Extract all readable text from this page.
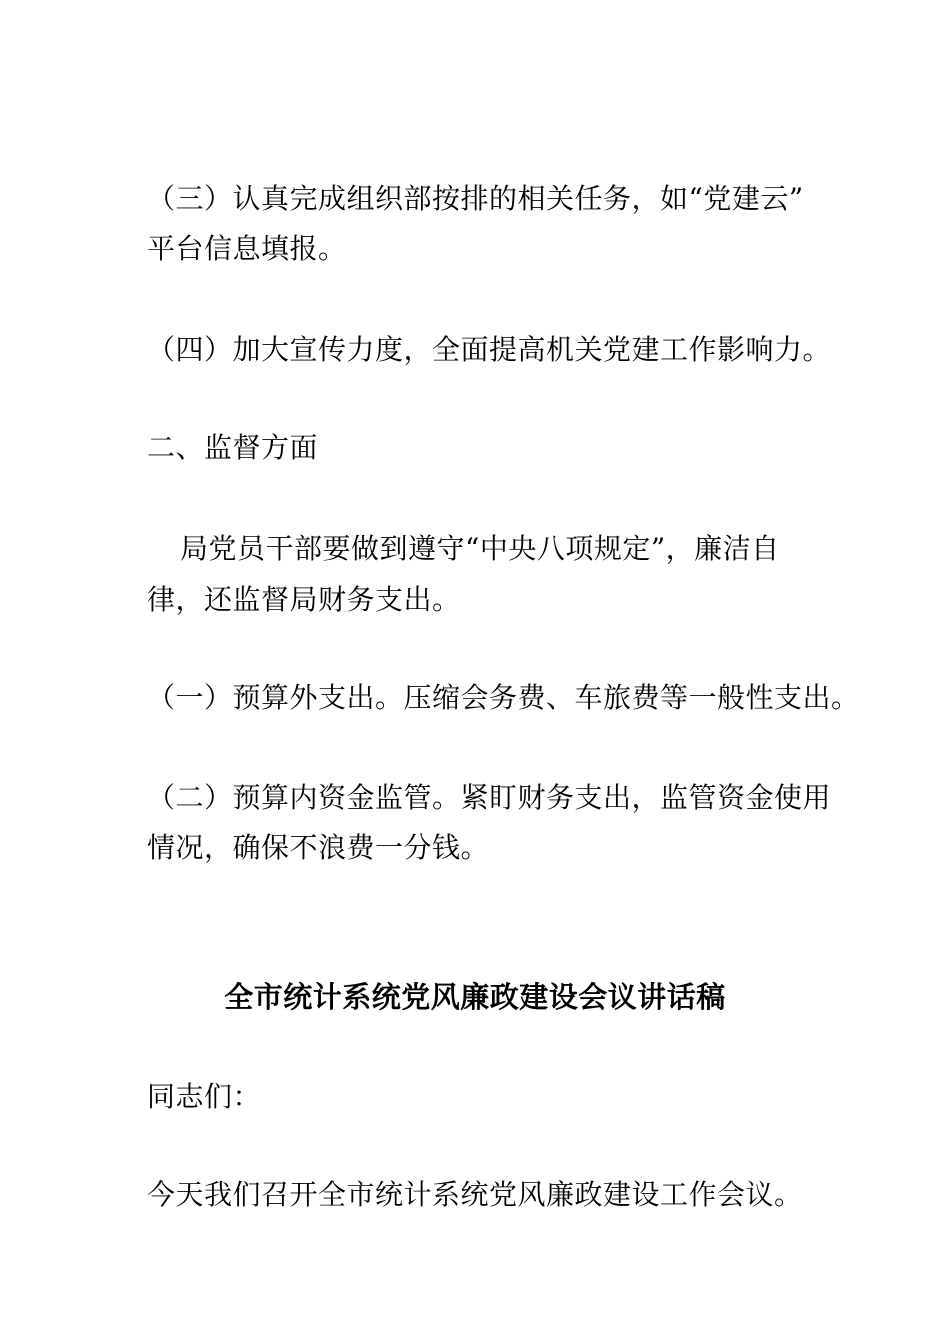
（三）认真完成组织部按排的相关任务，如“党建云”
平台信息填报。
（四）加大宣传力度，全面提高机关党建工作影响力。
二、监督方面
局党员干部要做到遵守“中央八项规定”，廉洁自
律，还监督局财务支出。
（一）预算外支出。压缩会务费、车旅费等一般性支出。
（二）预算内资金监管。紧盯财务支出，监管资金使用
情况，确保不浪费一分钱。
全市统计系统党风廉政建设会议讲话稿
同志们：
今天我们召开全市统计系统党风廉政建设工作会议。
